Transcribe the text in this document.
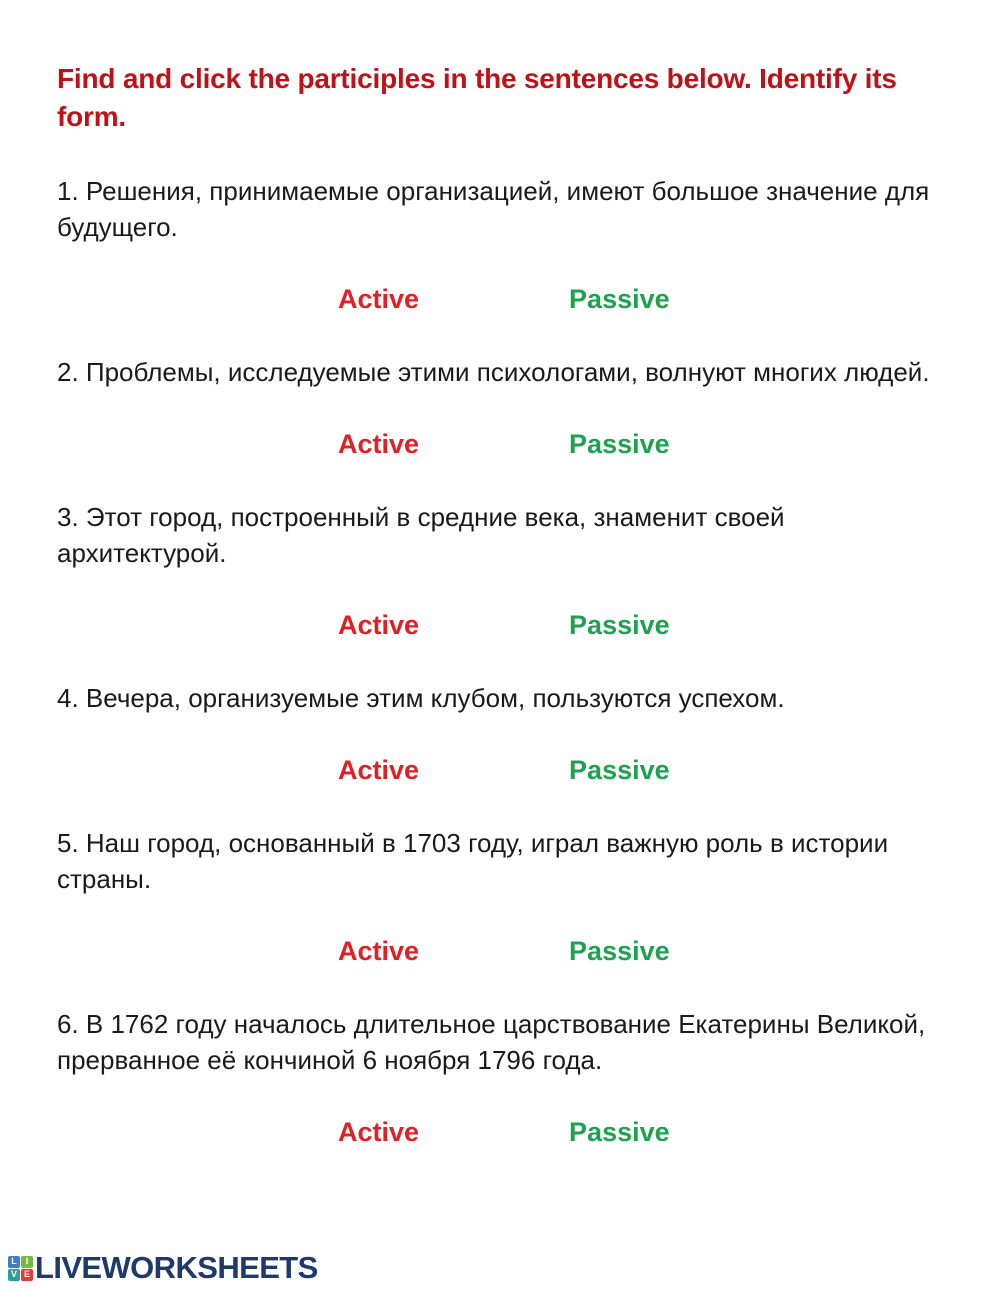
Find and click the participles in the sentences below. Identify its form.

1. Решения, принимаемые организацией, имеют большое значение для будущего.

Active	Passive

2. Проблемы, исследуемые этими психологами, волнуют многих людей.

Active	Passive

3. Этот город, построенный в средние века, знаменит своей архитектурой.

Active	Passive

4. Вечера, организуемые этим клубом, пользуются успехом.

Active	Passive

5. Наш город, основанный в 1703 году, играл важную роль в истории страны.

Active	Passive

6. В 1762 году началось длительное царствование Екатерины Великой, прерванное её кончиной 6 ноября 1796 года.

Active	Passive
L I
V E LIVEWORKSHEETS
